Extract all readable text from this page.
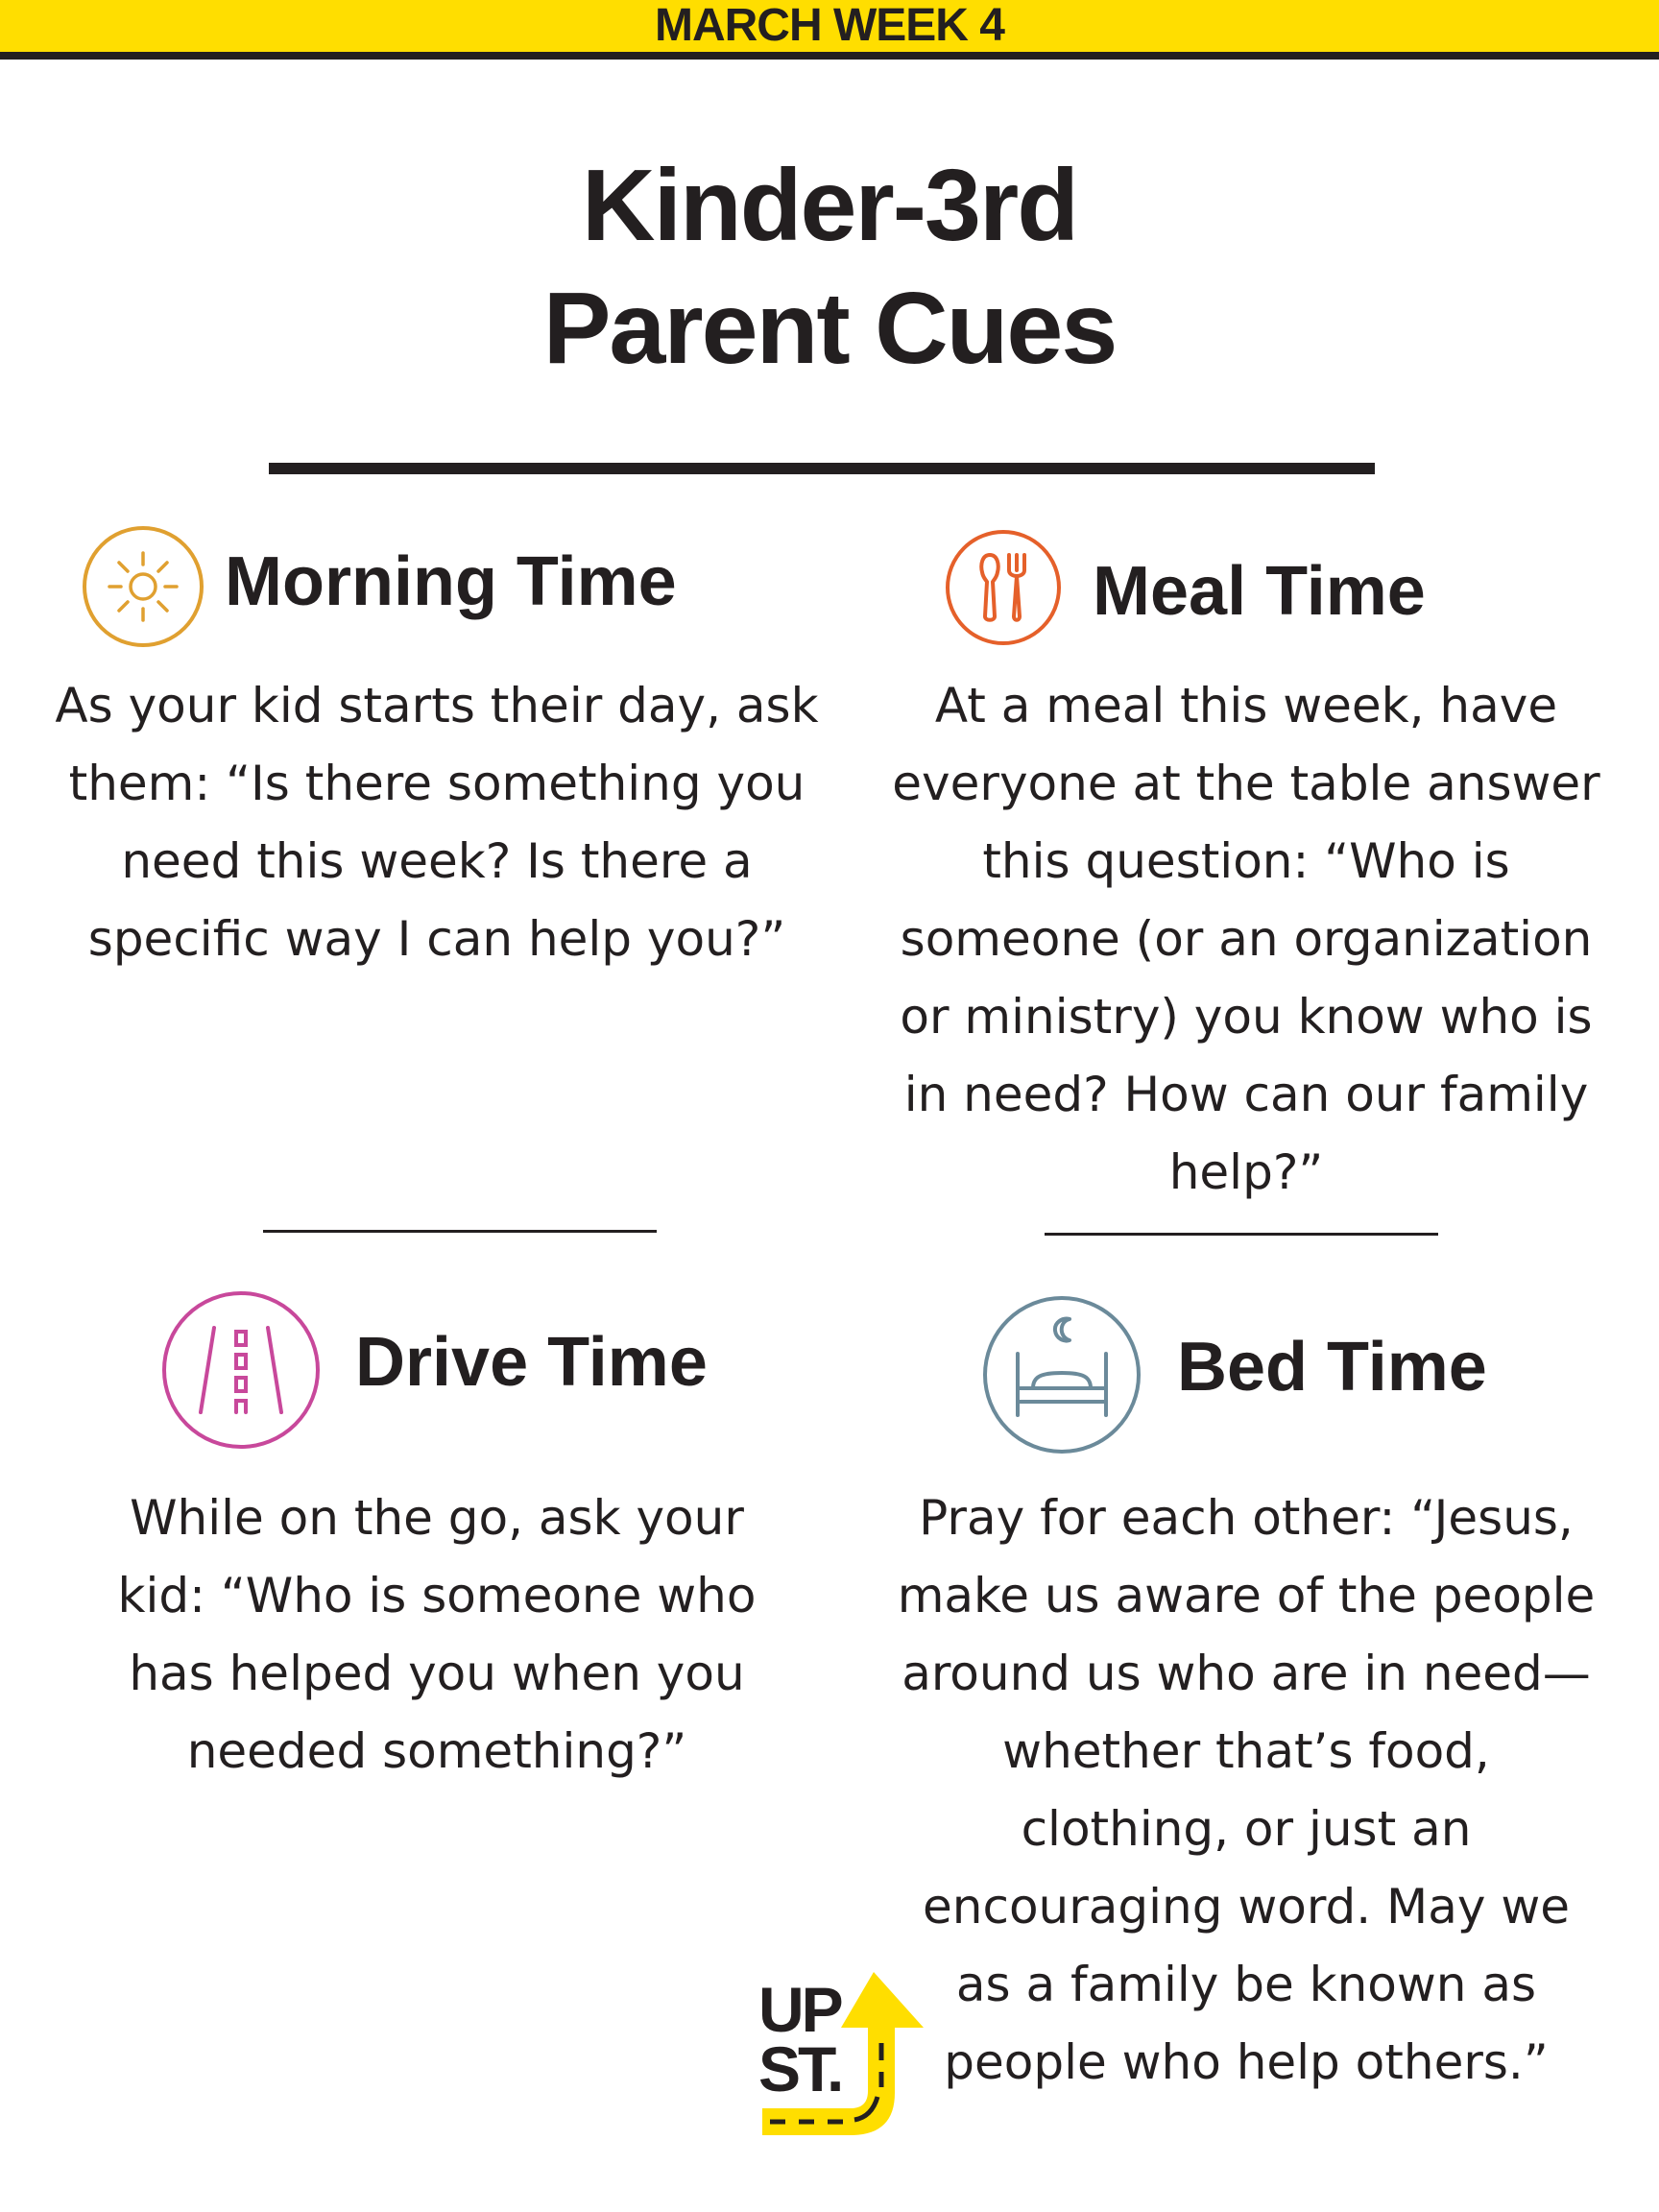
MARCH WEEK 4
Kinder-3rd
Parent Cues
Morning Time
As your kid starts their day, ask
them: “Is there something you
need this week? Is there a
specific way I can help you?”
Meal Time
At a meal this week, have
everyone at the table answer
this question: “Who is
someone (or an organization
or ministry) you know who is
in need? How can our family
help?”
Drive Time
While on the go, ask your
kid: “Who is someone who
has helped you when you
needed something?”
Bed Time
Pray for each other: “Jesus,
make us aware of the people
around us who are in need—
whether that’s food,
clothing, or just an
encouraging word. May we
as a family be known as
people who help others.”
UP
ST.
